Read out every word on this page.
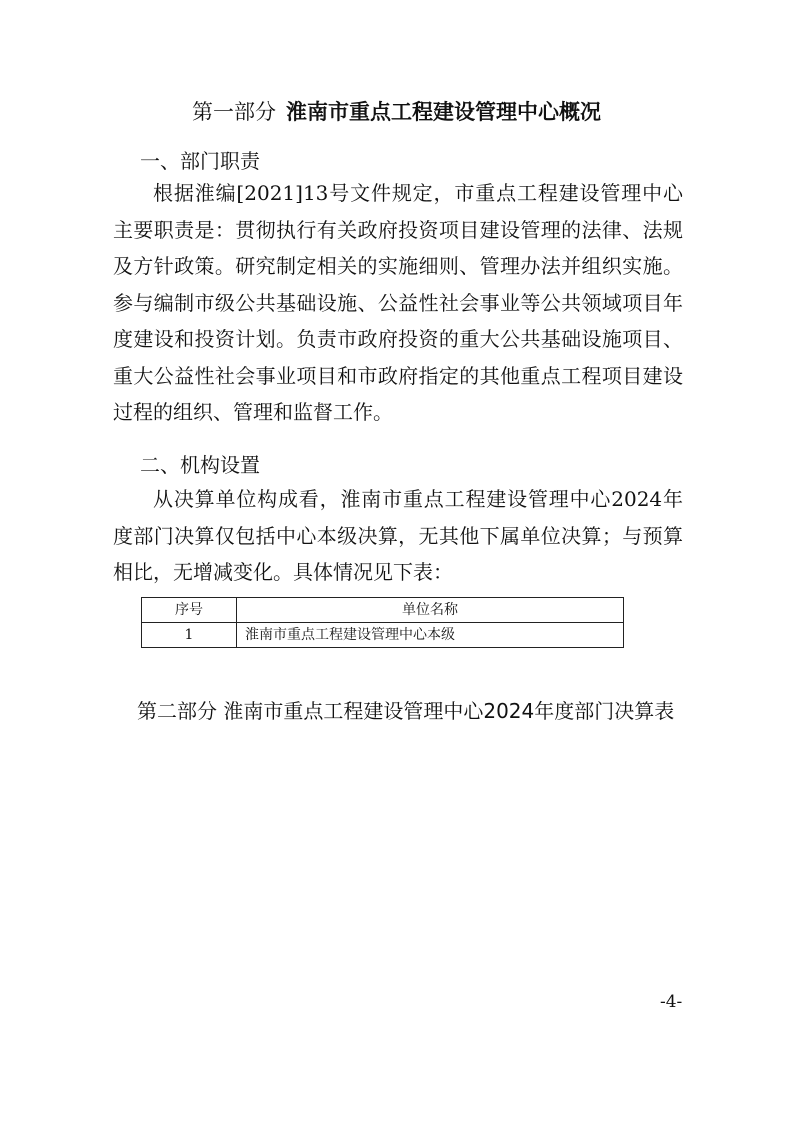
第一部分 淮南市重点工程建设管理中心概况
一、部门职责

根据淮编[2021]13号文件规定，市重点工程建设管理中心主要职责是：贯彻执行有关政府投资项目建设管理的法律、法规及方针政策。研究制定相关的实施细则、管理办法并组织实施。参与编制市级公共基础设施、公益性社会事业等公共领域项目年度建设和投资计划。负责市政府投资的重大公共基础设施项目、重大公益性社会事业项目和市政府指定的其他重点工程项目建设过程的组织、管理和监督工作。

二、机构设置

从决算单位构成看，淮南市重点工程建设管理中心2024年度部门决算仅包括中心本级决算，无其他下属单位决算；与预算相比，无增减变化。具体情况见下表：

序号	单位名称
1	淮南市重点工程建设管理中心本级

第二部分 淮南市重点工程建设管理中心2024年度部门决算表

-4-
